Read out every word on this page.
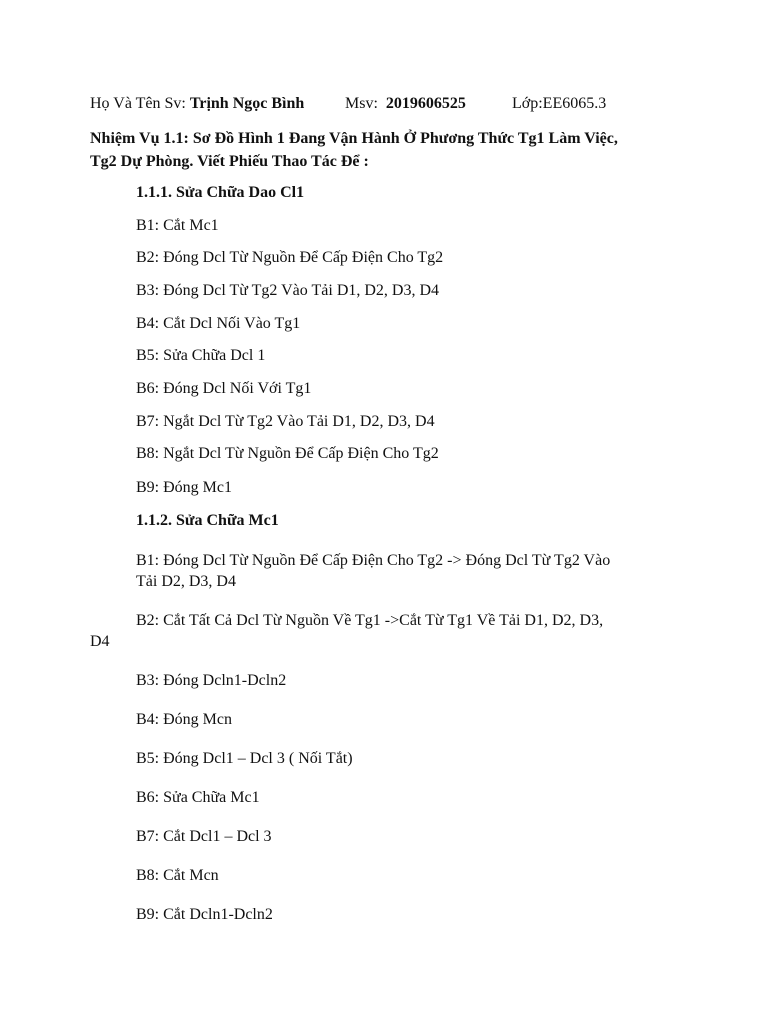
Họ Và Tên Sv: Trịnh Ngọc Bình	Msv: 2019606525	Lớp:EE6065.3
Nhiệm Vụ 1.1: Sơ Đồ Hình 1 Đang Vận Hành Ở Phương Thức Tg1 Làm Việc,
Tg2 Dự Phòng. Viết Phiếu Thao Tác Để :
1.1.1. Sửa Chữa Dao Cl1
B1: Cắt Mc1
B2: Đóng Dcl Từ Nguồn Để Cấp Điện Cho Tg2
B3: Đóng Dcl Từ Tg2 Vào Tải D1, D2, D3, D4
B4: Cắt Dcl Nối Vào Tg1
B5: Sửa Chữa Dcl 1
B6: Đóng Dcl Nối Với Tg1
B7: Ngắt Dcl Từ Tg2 Vào Tải D1, D2, D3, D4
B8: Ngắt Dcl Từ Nguồn Để Cấp Điện Cho Tg2
B9: Đóng Mc1
1.1.2. Sửa Chữa Mc1
B1: Đóng Dcl Từ Nguồn Để Cấp Điện Cho Tg2 -> Đóng Dcl Từ Tg2 Vào
Tải D2, D3, D4
B2: Cắt Tất Cả Dcl Từ Nguồn Về Tg1 ->Cắt Từ Tg1 Về Tải D1, D2, D3,
D4
B3: Đóng Dcln1-Dcln2
B4: Đóng Mcn
B5: Đóng Dcl1 – Dcl 3 ( Nối Tắt)
B6: Sửa Chữa Mc1
B7: Cắt Dcl1 – Dcl 3
B8: Cắt Mcn
B9: Cắt Dcln1-Dcln2
